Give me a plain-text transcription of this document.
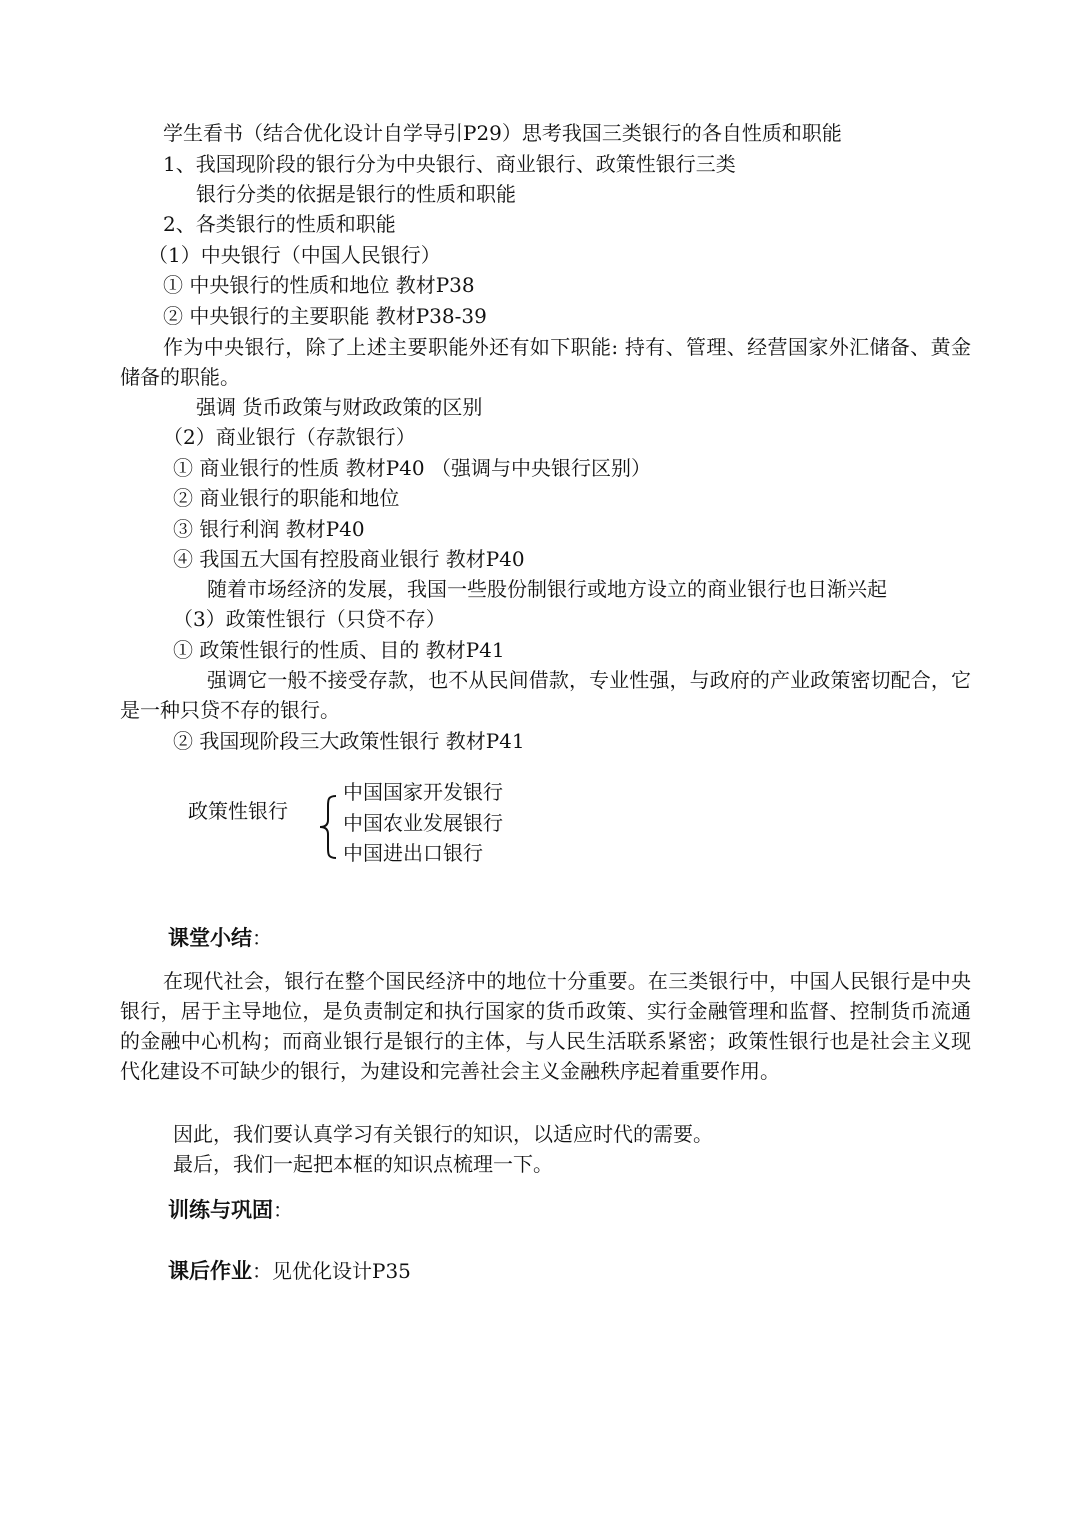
学生看书（结合优化设计自学导引P29）思考我国三类银行的各自性质和职能
1、我国现阶段的银行分为中央银行、商业银行、政策性银行三类
银行分类的依据是银行的性质和职能
2、各类银行的性质和职能
（1）中央银行（中国人民银行）
① 中央银行的性质和地位 教材P38
② 中央银行的主要职能 教材P38-39
作为中央银行，除了上述主要职能外还有如下职能: 持有、管理、经营国家外汇储备、黄金储备的职能。
强调 货币政策与财政政策的区别
（2）商业银行（存款银行）
① 商业银行的性质 教材P40 （强调与中央银行区别）
② 商业银行的职能和地位
③ 银行利润 教材P40
④ 我国五大国有控股商业银行 教材P40
随着市场经济的发展，我国一些股份制银行或地方设立的商业银行也日渐兴起
（3）政策性银行（只贷不存）
① 政策性银行的性质、目的 教材P41
强调它一般不接受存款，也不从民间借款，专业性强，与政府的产业政策密切配合，它是一种只贷不存的银行。
② 我国现阶段三大政策性银行 教材P41
政策性银行
中国国家开发银行
中国农业发展银行
中国进出口银行
课堂小结：
在现代社会，银行在整个国民经济中的地位十分重要。在三类银行中，中国人民银行是中央银行，居于主导地位，是负责制定和执行国家的货币政策、实行金融管理和监督、控制货币流通的金融中心机构；而商业银行是银行的主体，与人民生活联系紧密；政策性银行也是社会主义现代化建设不可缺少的银行，为建设和完善社会主义金融秩序起着重要作用。
因此，我们要认真学习有关银行的知识，以适应时代的需要。
最后，我们一起把本框的知识点梳理一下。
训练与巩固：
课后作业：见优化设计P35
